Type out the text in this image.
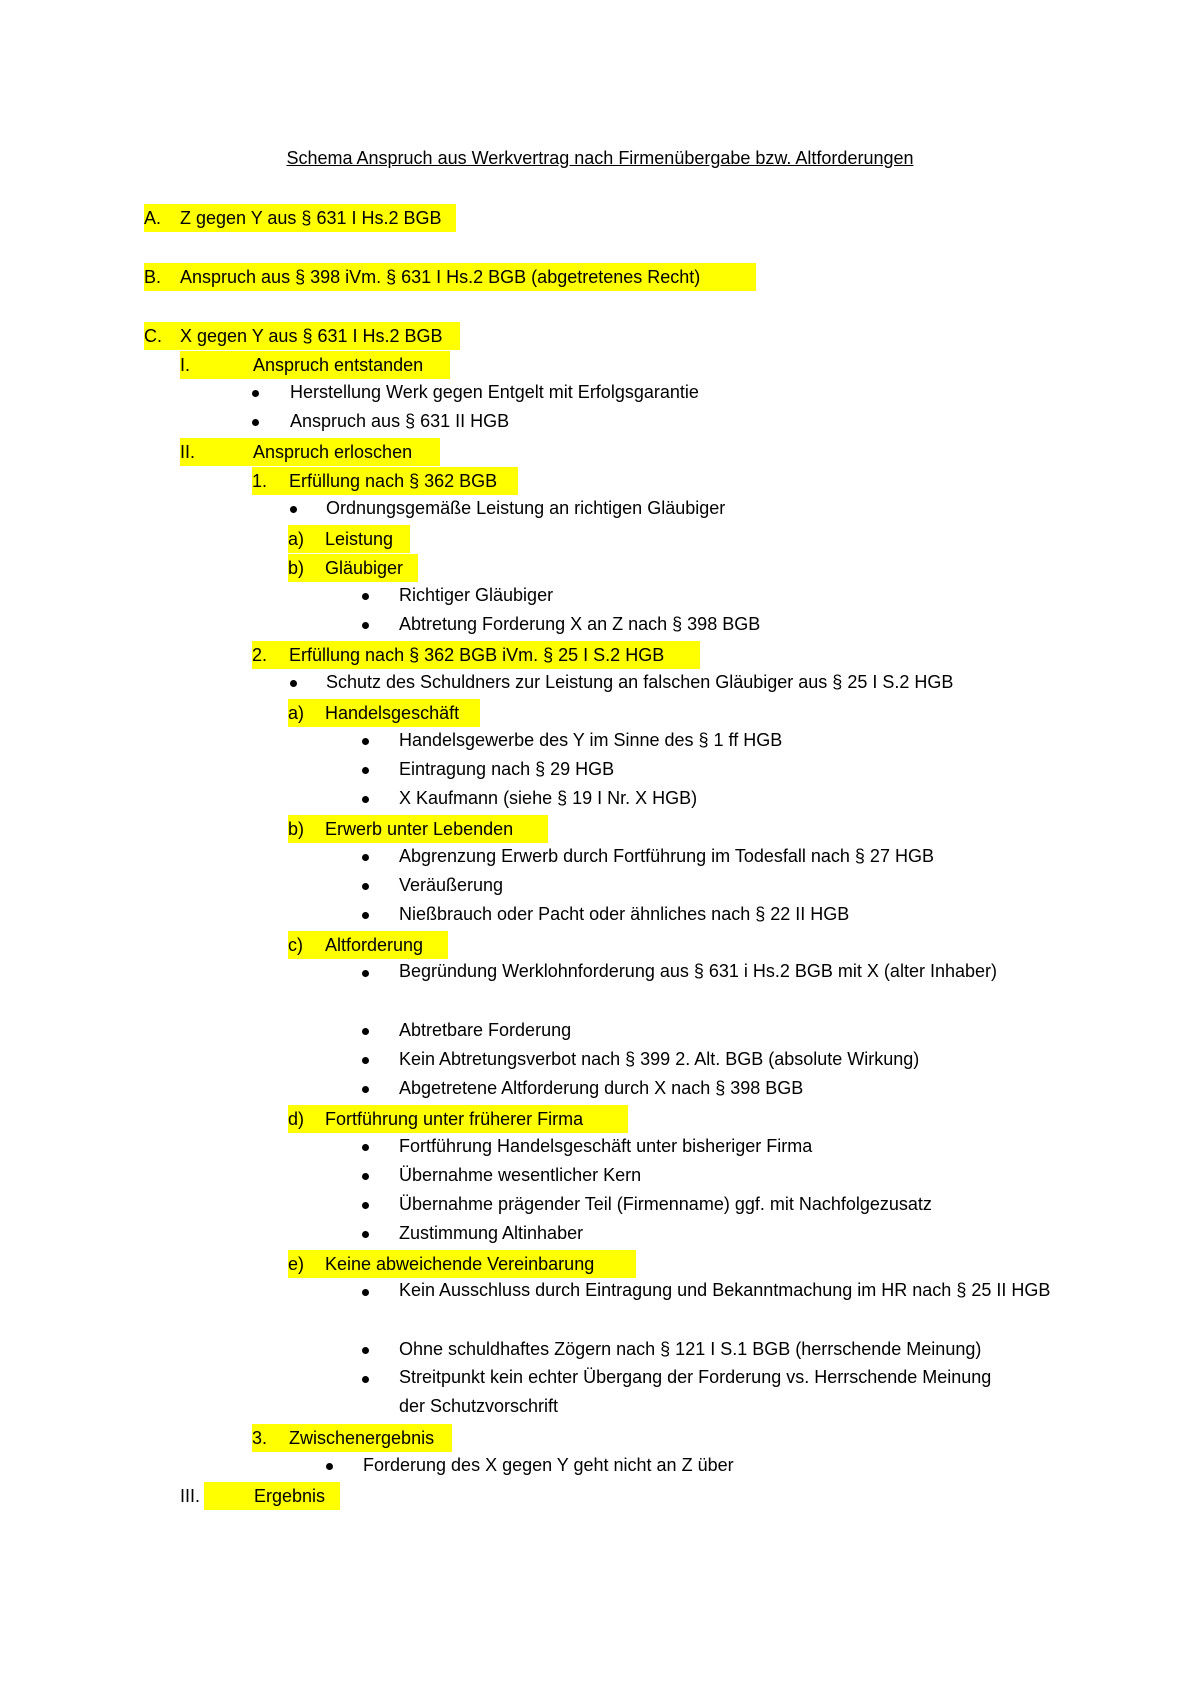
Schema Anspruch aus Werkvertrag nach Firmenübergabe bzw. Altforderungen
A. Z gegen Y aus § 631 I Hs.2 BGB
B. Anspruch aus § 398 iVm. § 631 I Hs.2 BGB (abgetretenes Recht)
C. X gegen Y aus § 631 I Hs.2 BGB
I.	Anspruch entstanden
Herstellung Werk gegen Entgelt mit Erfolgsgarantie
Anspruch aus § 631 II HGB
II.	Anspruch erloschen
1. Erfüllung nach § 362 BGB
Ordnungsgemäße Leistung an richtigen Gläubiger
a) Leistung
b) Gläubiger
Richtiger Gläubiger
Abtretung Forderung X an Z nach § 398 BGB
2. Erfüllung nach § 362 BGB iVm. § 25 I S.2 HGB
Schutz des Schuldners zur Leistung an falschen Gläubiger aus § 25 I S.2 HGB
a) Handelsgeschäft
Handelsgewerbe des Y im Sinne des § 1 ff HGB
Eintragung nach § 29 HGB
X Kaufmann (siehe § 19 I Nr. X HGB)
b) Erwerb unter Lebenden
Abgrenzung Erwerb durch Fortführung im Todesfall nach § 27 HGB
Veräußerung
Nießbrauch oder Pacht oder ähnliches nach § 22 II HGB
c) Altforderung
Begründung Werklohnforderung aus § 631 i Hs.2 BGB mit X (alter Inhaber)
Abtretbare Forderung
Kein Abtretungsverbot nach § 399 2. Alt. BGB (absolute Wirkung)
Abgetretene Altforderung durch X nach § 398 BGB
d) Fortführung unter früherer Firma
Fortführung Handelsgeschäft unter bisheriger Firma
Übernahme wesentlicher Kern
Übernahme prägender Teil (Firmenname) ggf. mit Nachfolgezusatz
Zustimmung Altinhaber
e) Keine abweichende Vereinbarung
Kein Ausschluss durch Eintragung und Bekanntmachung im HR nach § 25 II HGB
Ohne schuldhaftes Zögern nach § 121 I S.1 BGB (herrschende Meinung)
Streitpunkt kein echter Übergang der Forderung vs. Herrschende Meinung der Schutzvorschrift
3. Zwischenergebnis
Forderung des X gegen Y geht nicht an Z über
III.	Ergebnis
